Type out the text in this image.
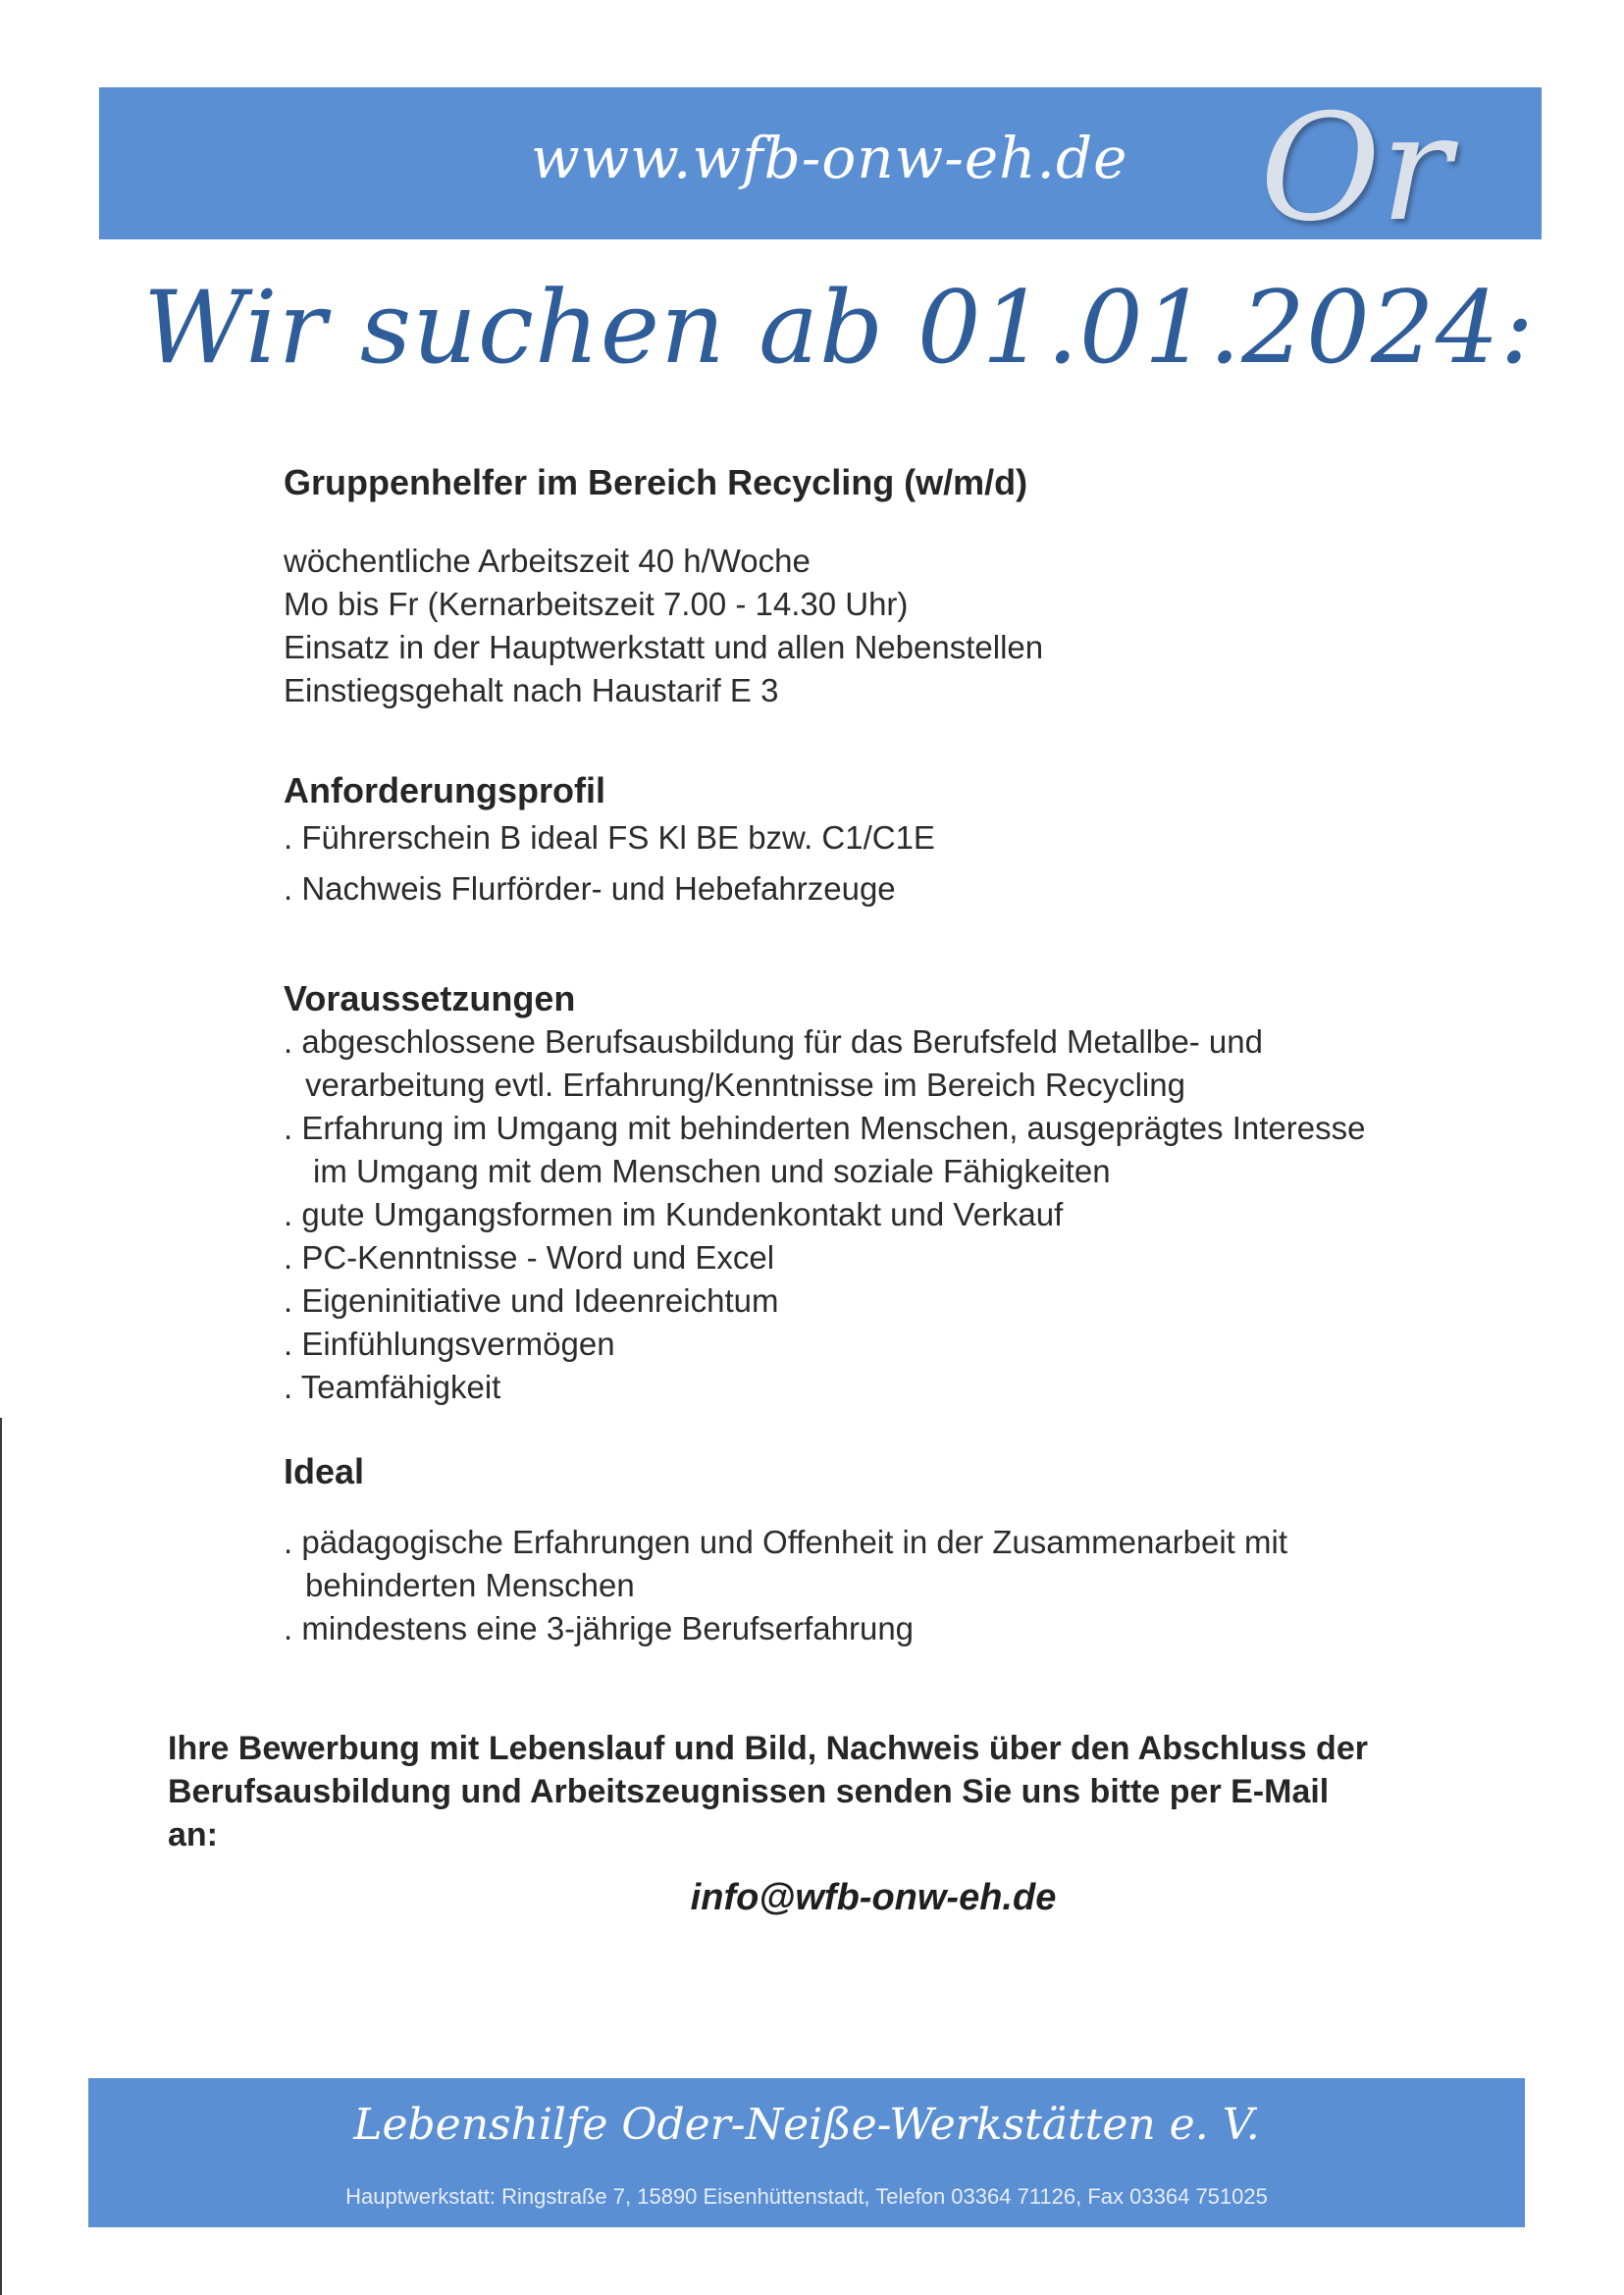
www.wfb-onw-eh.de Or
Wir suchen ab 01.01.2024:
Gruppenhelfer im Bereich Recycling (w/m/d)
wöchentliche Arbeitszeit 40 h/Woche
Mo bis Fr (Kernarbeitszeit 7.00 - 14.30 Uhr)
Einsatz in der Hauptwerkstatt und allen Nebenstellen
Einstiegsgehalt nach Haustarif E 3
Anforderungsprofil
. Führerschein B ideal FS Kl BE bzw. C1/C1E
. Nachweis Flurförder- und Hebefahrzeuge
Voraussetzungen
. abgeschlossene Berufsausbildung für das Berufsfeld Metallbe- und
verarbeitung evtl. Erfahrung/Kenntnisse im Bereich Recycling
. Erfahrung im Umgang mit behinderten Menschen, ausgeprägtes Interesse
im Umgang mit dem Menschen und soziale Fähigkeiten
. gute Umgangsformen im Kundenkontakt und Verkauf
. PC-Kenntnisse - Word und Excel
. Eigeninitiative und Ideenreichtum
. Einfühlungsvermögen
. Teamfähigkeit
Ideal
. pädagogische Erfahrungen und Offenheit in der Zusammenarbeit mit
behinderten Menschen
. mindestens eine 3-jährige Berufserfahrung
Ihre Bewerbung mit Lebenslauf und Bild, Nachweis über den Abschluss der
Berufsausbildung und Arbeitszeugnissen senden Sie uns bitte per E-Mail
an:
info@wfb-onw-eh.de
Lebenshilfe Oder-Neiße-Werkstätten e. V.
Hauptwerkstatt: Ringstraße 7, 15890 Eisenhüttenstadt, Telefon 03364 71126, Fax 03364 751025
